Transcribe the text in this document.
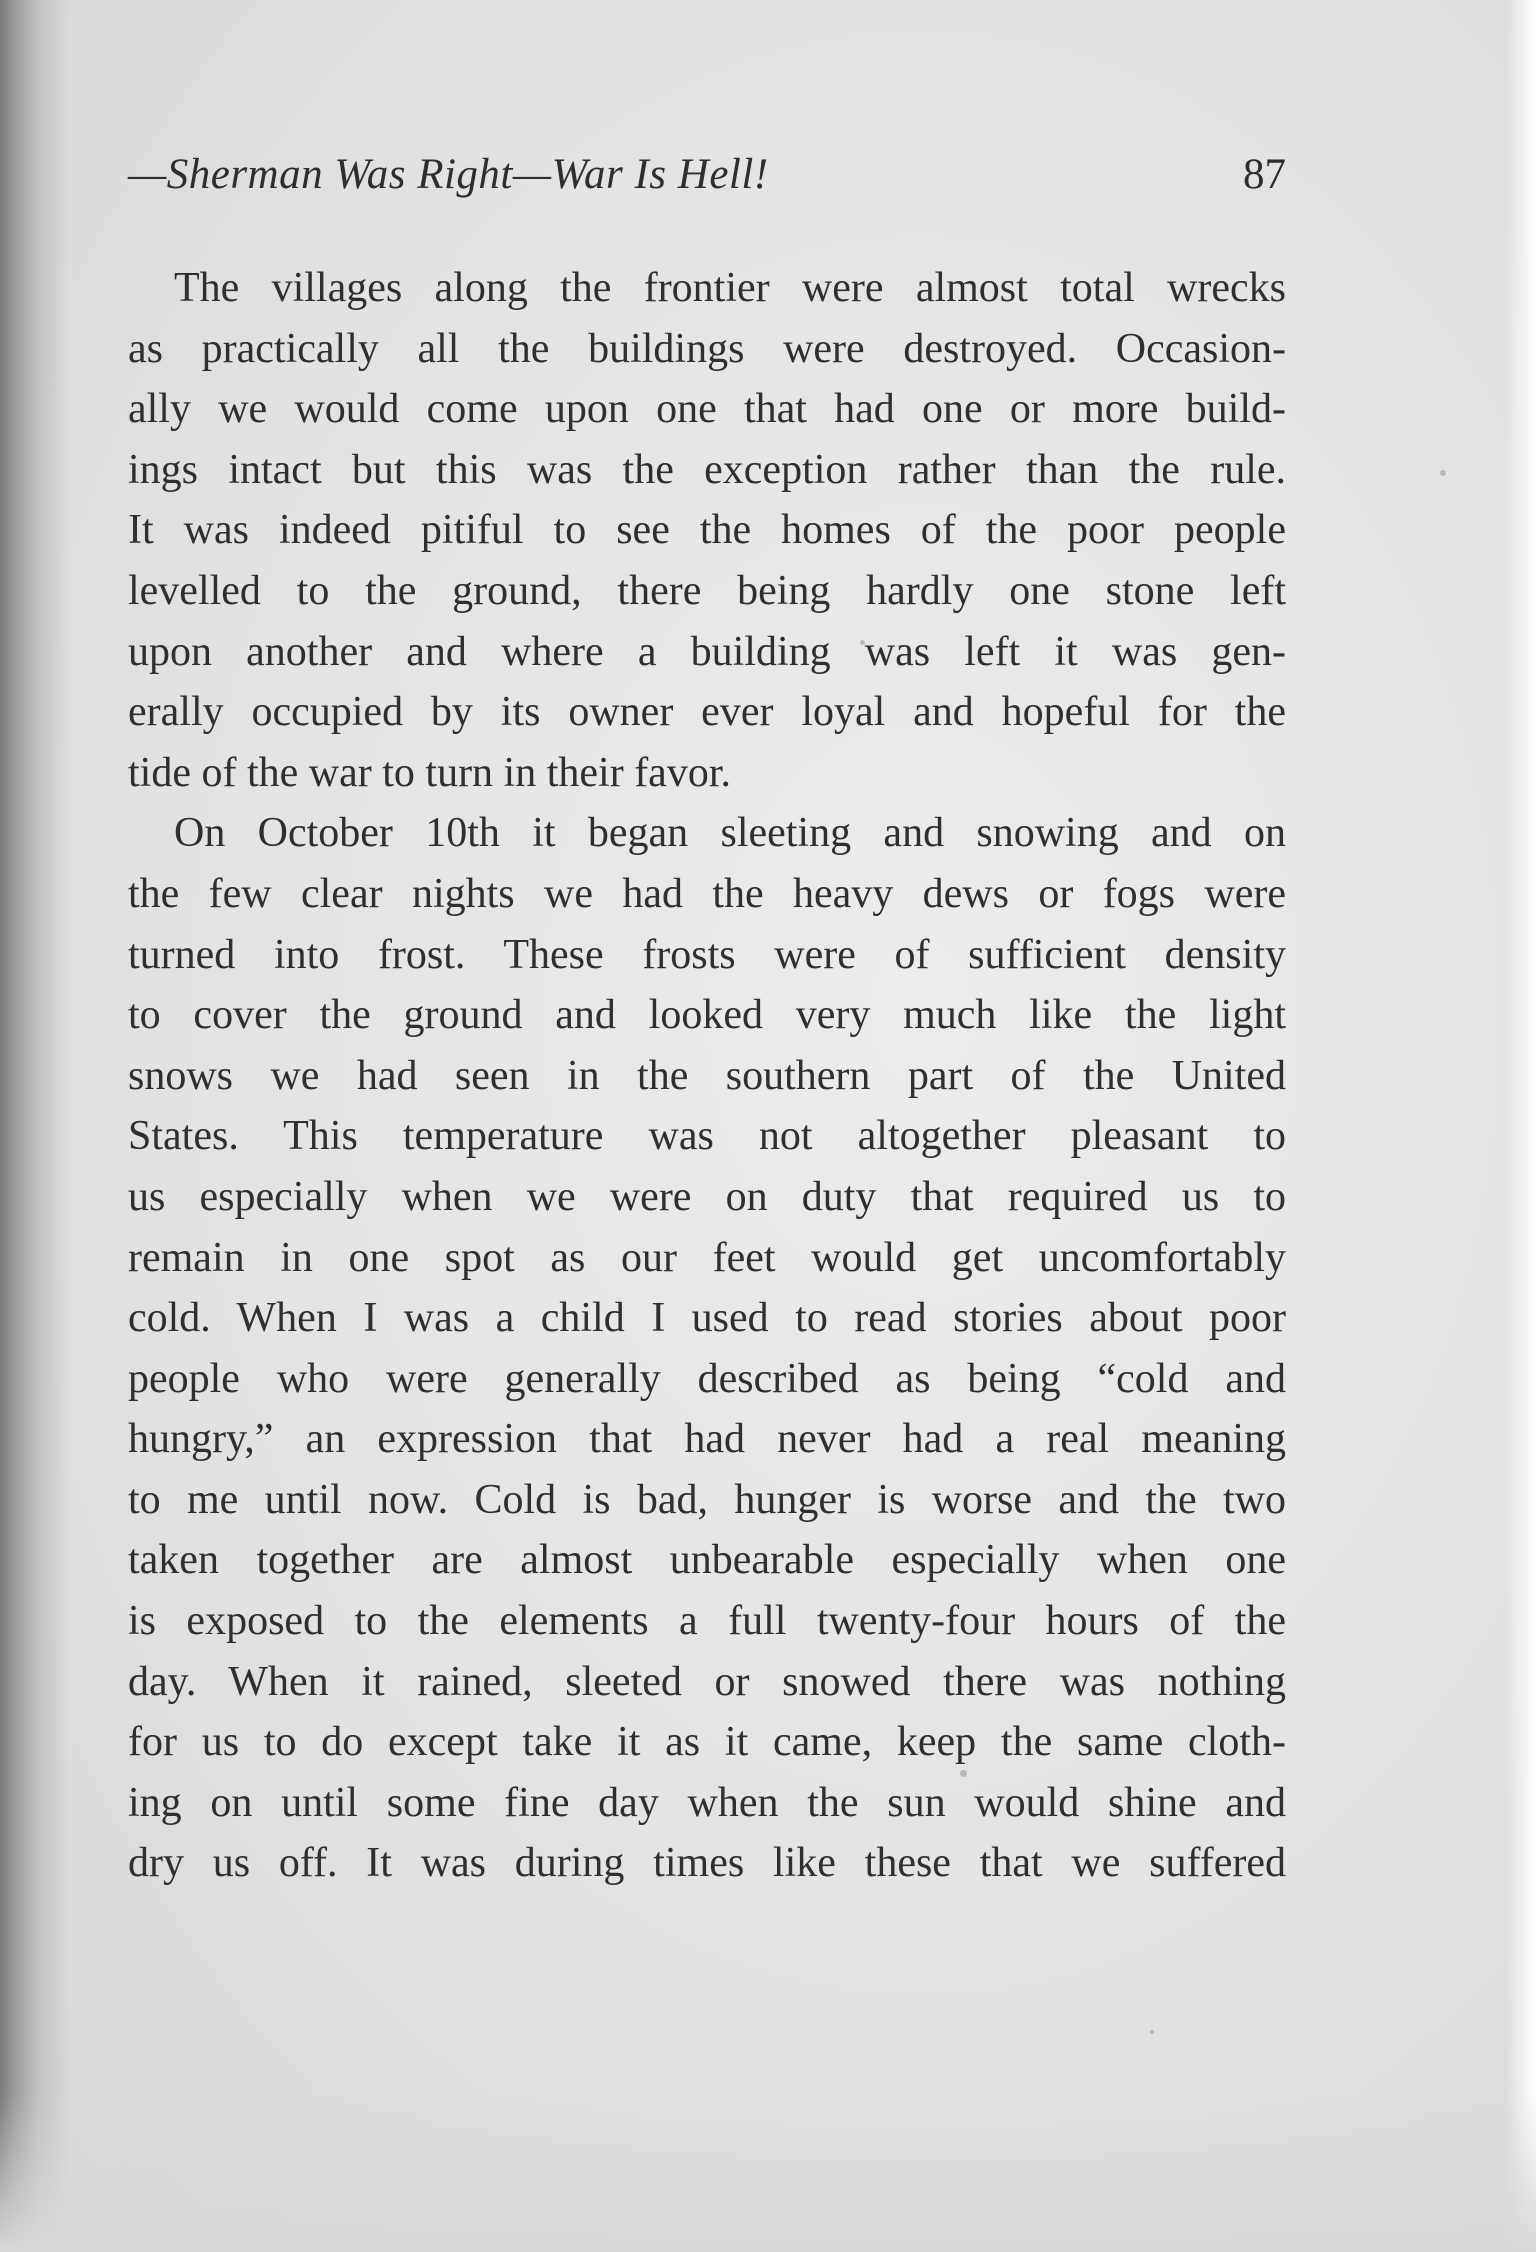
—Sherman Was Right—War Is Hell!	87
The villages along the frontier were almost total wrecks
as practically all the buildings were destroyed. Occasion-
ally we would come upon one that had one or more build-
ings intact but this was the exception rather than the rule.
It was indeed pitiful to see the homes of the poor people
levelled to the ground, there being hardly one stone left
upon another and where a building was left it was gen-
erally occupied by its owner ever loyal and hopeful for the
tide of the war to turn in their favor.
On October 10th it began sleeting and snowing and on
the few clear nights we had the heavy dews or fogs were
turned into frost. These frosts were of sufficient density
to cover the ground and looked very much like the light
snows we had seen in the southern part of the United
States. This temperature was not altogether pleasant to
us especially when we were on duty that required us to
remain in one spot as our feet would get uncomfortably
cold. When I was a child I used to read stories about poor
people who were generally described as being “cold and
hungry,” an expression that had never had a real meaning
to me until now. Cold is bad, hunger is worse and the two
taken together are almost unbearable especially when one
is exposed to the elements a full twenty-four hours of the
day. When it rained, sleeted or snowed there was nothing
for us to do except take it as it came, keep the same cloth-
ing on until some fine day when the sun would shine and
dry us off. It was during times like these that we suffered
